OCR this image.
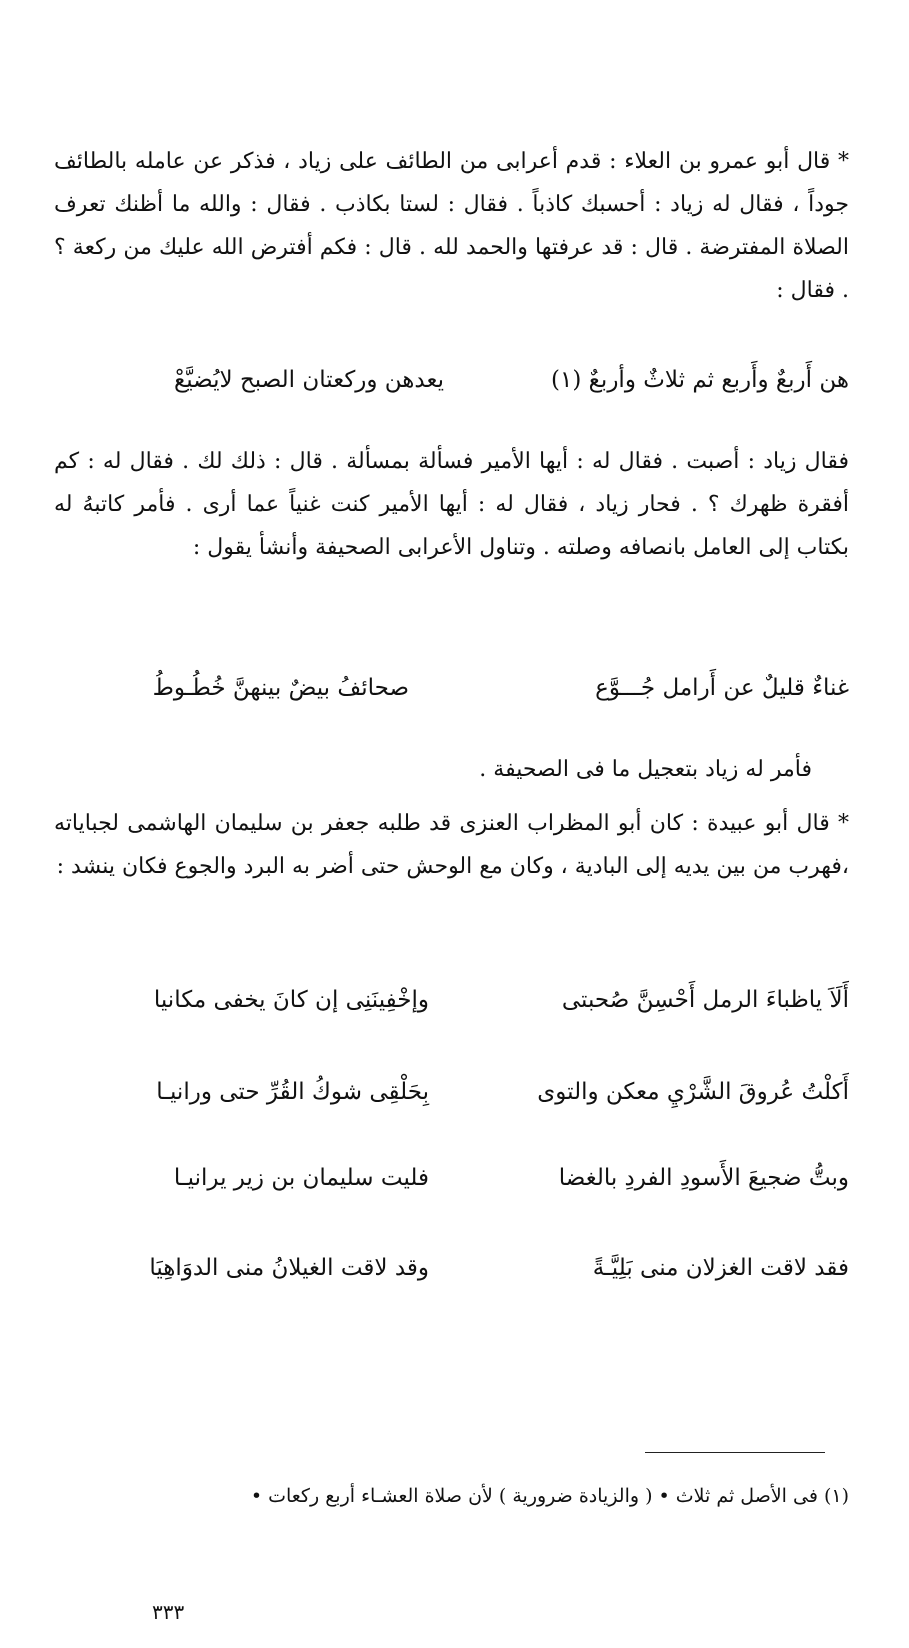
* قال أبو عمرو بن العلاء : قدم أعرابى من الطائف على زياد ، فذكر عن عامله بالطائف جوداً ، فقال له زياد : أحسبك كاذباً . فقال : لستا بكاذب . فقال : والله ما أظنك تعرف الصلاة المفترضة . قال : قد عرفتها والحمد لله . قال : فكم أفترض الله عليك من ركعة ؟ . فقال :

هن أَربعٌ وأَربع ثم ثلاثٌ وأربعٌ (١)
يعدهن وركعتان الصبح لايُضيَّعْ

فقال زياد : أصبت . فقال له : أيها الأمير فسألة بمسألة . قال : ذلك لك . فقال له : كم أفقرة ظهرك ؟ . فحار زياد ، فقال له : أيها الأمير كنت غنياً عما أرى . فأمر كاتبهُ له بكتاب إلى العامل بانصافه وصلته . وتناول الأعرابى الصحيفة وأنشأ يقول :

غناءٌ قليلٌ عن أَرامل جُـــوَّع
صحائفُ بيضٌ بينهنَّ خُطُـوطُ

فأمر له زياد بتعجيل ما فى الصحيفة .

* قال أبو عبيدة : كان أبو المظراب العنزى قد طلبه جعفر بن سليمان الهاشمى لجباياته ،فهرب من بين يديه إلى البادية ، وكان مع الوحش حتى أضر به البرد والجوع فكان ينشد :

أَلَاَ ياظباءَ الرمل أَحْسِنَّ صُحبتى
وإخْفِينَنِى إن كانَ يخفى مكانيا
أَكلْتُ عُروقَ الشَّرْيِ معكن والتوى
بِحَلْقِى شوكُ القُرِّ حتى ورانيـا
وبتُّ ضجيعَ الأَسودِ الفردِ بالغضا
فليت سليمان بن زير يرانيـا
فقد لاقت الغزلان منى بَلِيَّـةً
وقد لاقت الغيلانُ منى الدوَاهِيَا

(١) فى الأصل ثم ثلاث • ( والزيادة ضرورية ) لأن صلاة العشـاء أربع ركعات •

٣٣٣
